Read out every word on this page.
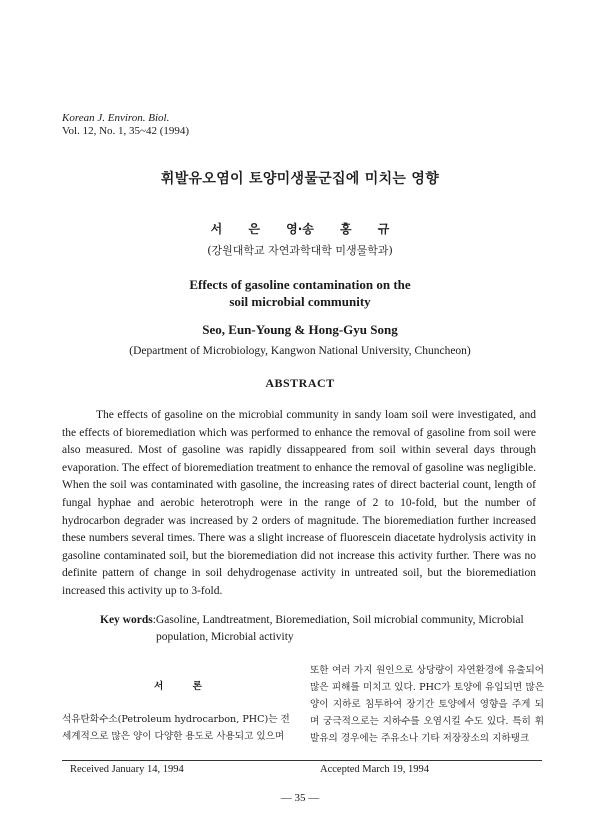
Korean J. Environ. Biol.
Vol. 12, No. 1, 35~42 (1994)
휘발유오염이 토양미생물군집에 미치는 영향
서 은 영·송 홍 규
(강원대학교 자연과학대학 미생물학과)
Effects of gasoline contamination on the
soil microbial community
Seo, Eun-Young & Hong-Gyu Song
(Department of Microbiology, Kangwon National University, Chuncheon)
ABSTRACT
The effects of gasoline on the microbial community in sandy loam soil were investigated, and the effects of bioremediation which was performed to enhance the removal of gasoline from soil were also measured. Most of gasoline was rapidly dissappeared from soil within several days through evaporation. The effect of bioremediation treatment to enhance the removal of gasoline was negligible. When the soil was contaminated with gasoline, the increasing rates of direct bacterial count, length of fungal hyphae and aerobic heterotroph were in the range of 2 to 10-fold, but the number of hydrocarbon degrader was increased by 2 orders of magnitude. The bioremediation further increased these numbers several times. There was a slight increase of fluorescein diacetate hydrolysis activity in gasoline contaminated soil, but the bioremediation did not increase this activity further. There was no definite pattern of change in soil dehydrogenase activity in untreated soil, but the bioremediation increased this activity up to 3-fold.
Key words:Gasoline, Landtreatment, Bioremediation, Soil microbial community, Microbial
population, Microbial activity
서 론
석유탄화수소(Petroleum hydrocarbon, PHC)는 전세계적으로 많은 양이 다양한 용도로 사용되고 있으며
또한 여러 가지 원인으로 상당량이 자연환경에 유출되어 많은 피해를 미치고 있다. PHC가 토양에 유입되면 많은 양이 지하로 침투하여 장기간 토양에서 영향을 주게 되며 궁극적으로는 지하수를 오염시킬 수도 있다. 특히 휘발유의 경우에는 주유소나 기타 저장장소의 지하탱크
Received January 14, 1994	Accepted March 19, 1994
— 35 —
